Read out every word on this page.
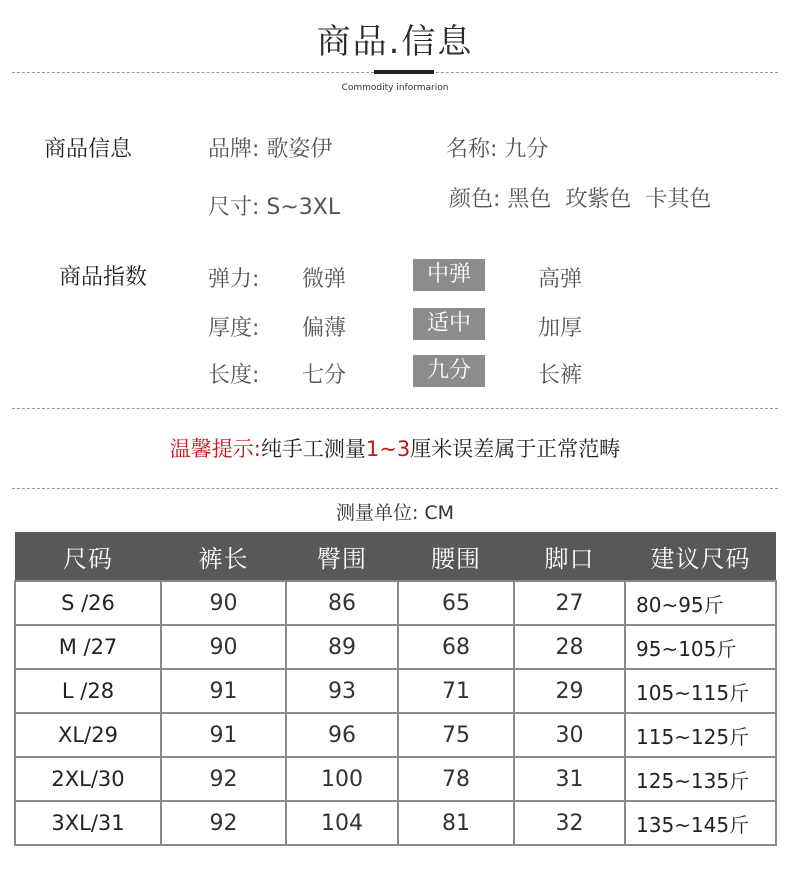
商品.信息
Commodity informarion
商品信息	品牌: 歌姿伊	名称: 九分
尺寸: S~3XL	颜色: 黑色  玫紫色  卡其色
商品指数	弹力: 微弹	中弹	高弹
厚度: 偏薄	适中	加厚
长度: 七分	九分	长裤
温馨提示:纯手工测量1~3厘米误差属于正常范畴
测量单位: CM
尺码	裤长	臀围	腰围	脚口	建议尺码
S /26	90	86	65	27	80~95斤
M /27	90	89	68	28	95~105斤
L /28	91	93	71	29	105~115斤
XL/29	91	96	75	30	115~125斤
2XL/30	92	100	78	31	125~135斤
3XL/31	92	104	81	32	135~145斤
